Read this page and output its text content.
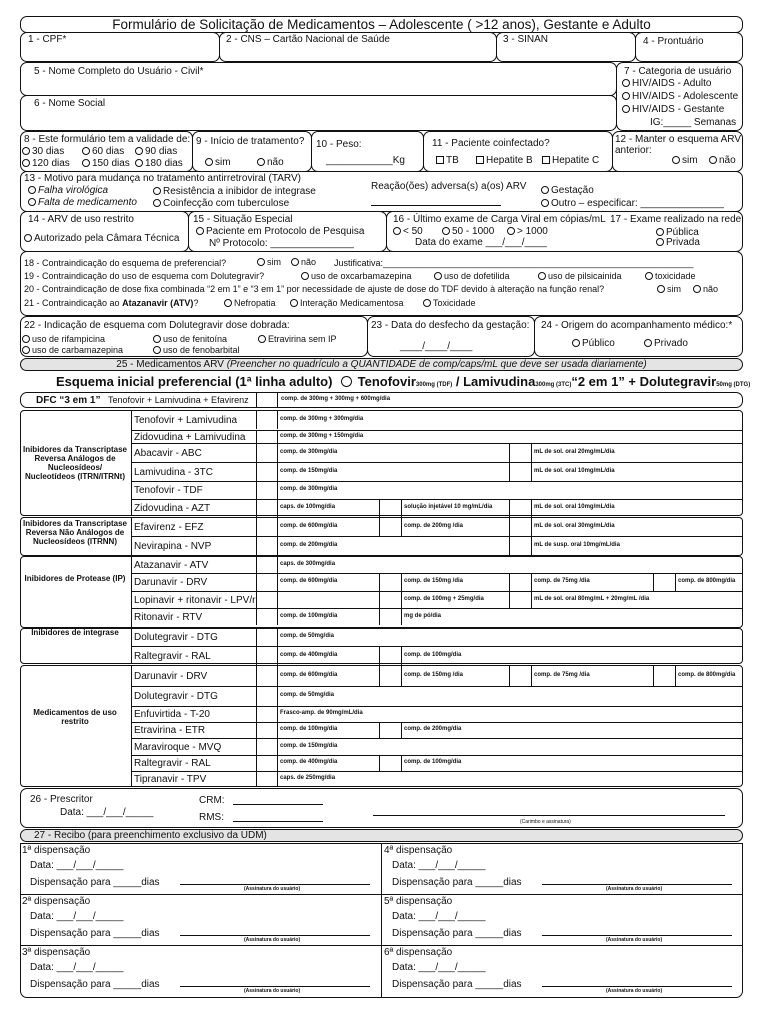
Formulário de Solicitação de Medicamentos – Adolescente ( >12 anos), Gestante e Adulto
1 - CPF*	2 - CNS – Cartão Nacional de Saúde	3 - SINAN	4 - Prontuário
5 - Nome Completo do Usuário - Civil*
6 - Nome Social
7 - Categoria de usuário
HIV/AIDS - Adulto
HIV/AIDS - Adolescente
HIV/AIDS - Gestante
IG:_____ Semanas
8 - Este formulário tem a validade de:
30 dias	60 dias	90 dias
120 dias	150 dias	180 dias
9 - Início de tratamento?
sim	não
10 - Peso:
____________Kg
11 - Paciente coinfectado?
TB	Hepatite B	Hepatite C
12 - Manter o esquema ARV anterior:
sim	não
13 - Motivo para mudança no tratamento antirretroviral (TARV)
Falha virológica
Falta de medicamento
Resistência a inibidor de integrase
Coinfecção com tuberculose
Reação(ões) adversa(s) a(os) ARV	Gestação
Outro – especificar: _______________
14 - ARV de uso restrito
Autorizado pela Câmara Técnica
15 - Situação Especial
Paciente em Protocolo de Pesquisa
Nº Protocolo: _______________
16 - Último exame de Carga Viral em cópias/mL
< 50	50 - 1000	> 1000
Data do exame ___/___/____
17 - Exame realizado na rede:
Pública
Privada
18 - Contraindicação do esquema de preferencial?	sim	não Justificativa:______________________________________________________________
19 - Contraindicação do uso de esquema com Dolutegravir?	uso de oxcarbamazepina	uso de dofetilida	uso de pilsicainida	toxicidade
20 - Contraindicação de dose fixa combinada “2 em 1” e “3 em 1” por necessidade de ajuste de dose do TDF devido à alteração na função renal?	sim	não
21 - Contraindicação ao Atazanavir (ATV)?	Nefropatia	Interação Medicamentosa	Toxicidade
22 - Indicação de esquema com Dolutegravir dose dobrada:
uso de rifampicina
uso de carbamazepina
uso de fenitoína
uso de fenobarbital
Etravirina sem IP
23 - Data do desfecho da gestação:
____/____/____
24 - Origem do acompanhamento médico:*
Público	Privado
25 - Medicamentos ARV (Preencher no quadrículo a QUANTIDADE de comp/caps/mL que deve ser usada diariamente)
Esquema inicial preferencial (1ª linha adulto)	Tenofovir300mg (TDF) / Lamivudina300mg (3TC)“2 em 1” + Dolutegravir50mg (DTG)
DFC “3 em 1” Tenofovir + Lamivudina + Efavirenz	comp. de 300mg + 300mg + 600mg/dia
Inibidores da Transcriptase Reversa Análogos de Nucleosídeos/ Nucleotídeos (ITRN/ITRNt)
Tenofovir + Lamivudina	comp. de 300mg + 300mg/dia
Zidovudina + Lamivudina	comp. de 300mg + 150mg/dia
Abacavir - ABC	comp. de 300mg/dia	mL de sol. oral 20mg/mL/dia
Lamivudina - 3TC	comp. de 150mg/dia	mL de sol. oral 10mg/mL/dia
Tenofovir - TDF	comp. de 300mg/dia
Zidovudina - AZT	caps. de 100mg/dia	solução injetável 10 mg/mL/dia	mL de sol. oral 10mg/mL/dia
Inibidores da Transcriptase Reversa Não Análogos de Nucleosídeos (ITRNN)
Efavirenz - EFZ	comp. de 600mg/dia	comp. de 200mg /dia	mL de sol. oral 30mg/mL/dia
Nevirapina - NVP	comp. de 200mg/dia	mL de susp. oral 10mg/mL/dia
Inibidores de Protease (IP)
Atazanavir - ATV	caps. de 300mg/dia
Darunavir - DRV	comp. de 600mg/dia	comp. de 150mg /dia	comp. de 75mg /dia	comp. de 800mg/dia
Lopinavir + ritonavir - LPV/r	comp. de 100mg + 25mg/dia	mL de sol. oral 80mg/mL + 20mg/mL /dia
Ritonavir - RTV	comp. de 100mg/dia	mg de pó/dia
Inibidores de integrase	Dolutegravir - DTG	comp. de 50mg/dia
Raltegravir - RAL	comp. de 400mg/dia	comp. de 100mg/dia
Medicamentos de uso restrito
Darunavir - DRV	comp. de 600mg/dia	comp. de 150mg /dia	comp. de 75mg /dia	comp. de 800mg/dia
Dolutegravir - DTG	comp. de 50mg/dia
Enfuvirtida - T-20	Frasco-amp. de 90mg/mL/dia
Etravirina - ETR	comp. de 100mg/dia	comp. de 200mg/dia
Maraviroque - MVQ	comp. de 150mg/dia
Raltegravir - RAL	comp. de 400mg/dia	comp. de 100mg/dia
Tipranavir - TPV	caps. de 250mg/dia
26 - Prescritor
Data: ___/___/_____
CRM:
RMS:	(Carimbo e assinatura)
27 - Recibo (para preenchimento exclusivo da UDM)
1ª dispensação
Data: ___/___/_____
Dispensação para _____dias
(Assinatura do usuário)
4ª dispensação
Data: ___/___/_____
Dispensação para _____dias
(Assinatura do usuário)
2ª dispensação
Data: ___/___/_____
Dispensação para _____dias
(Assinatura do usuário)
5ª dispensação
Data: ___/___/_____
Dispensação para _____dias
(Assinatura do usuário)
3ª dispensação
Data: ___/___/_____
Dispensação para _____dias
(Assinatura do usuário)
6ª dispensação
Data: ___/___/_____
Dispensação para _____dias
(Assinatura do usuário)
